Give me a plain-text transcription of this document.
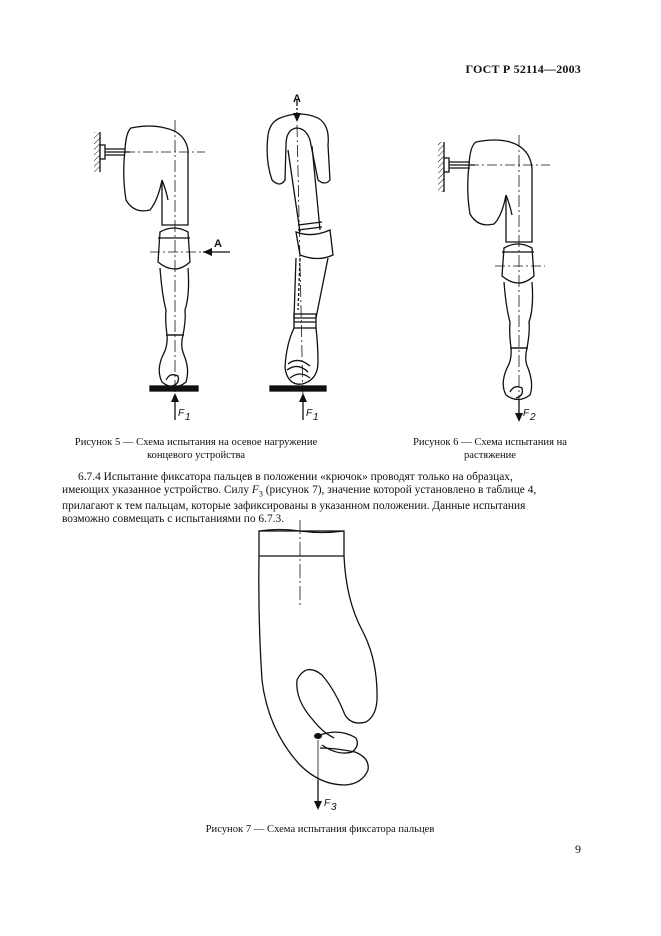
ГОСТ Р 52114—2003
A
A
F 1	F 1	F 2
F 3
Рисунок 5 — Схема испытания на осевое нагружение
концевого устройства
Рисунок 6 — Схема испытания на
растяжение

6.7.4 Испытание фиксатора пальцев в положении «крючок» проводят только на образцах,

имеющих указанное устройство. Силу $F_3$ (рисунок 7), значение которой установлено в таблице 4,

прилагают к тем пальцам, которые зафиксированы в указанном положении. Данные испытания

возможно совмещать с испытаниями по 6.7.3.

Рисунок 7 — Схема испытания фиксатора пальцев
9
